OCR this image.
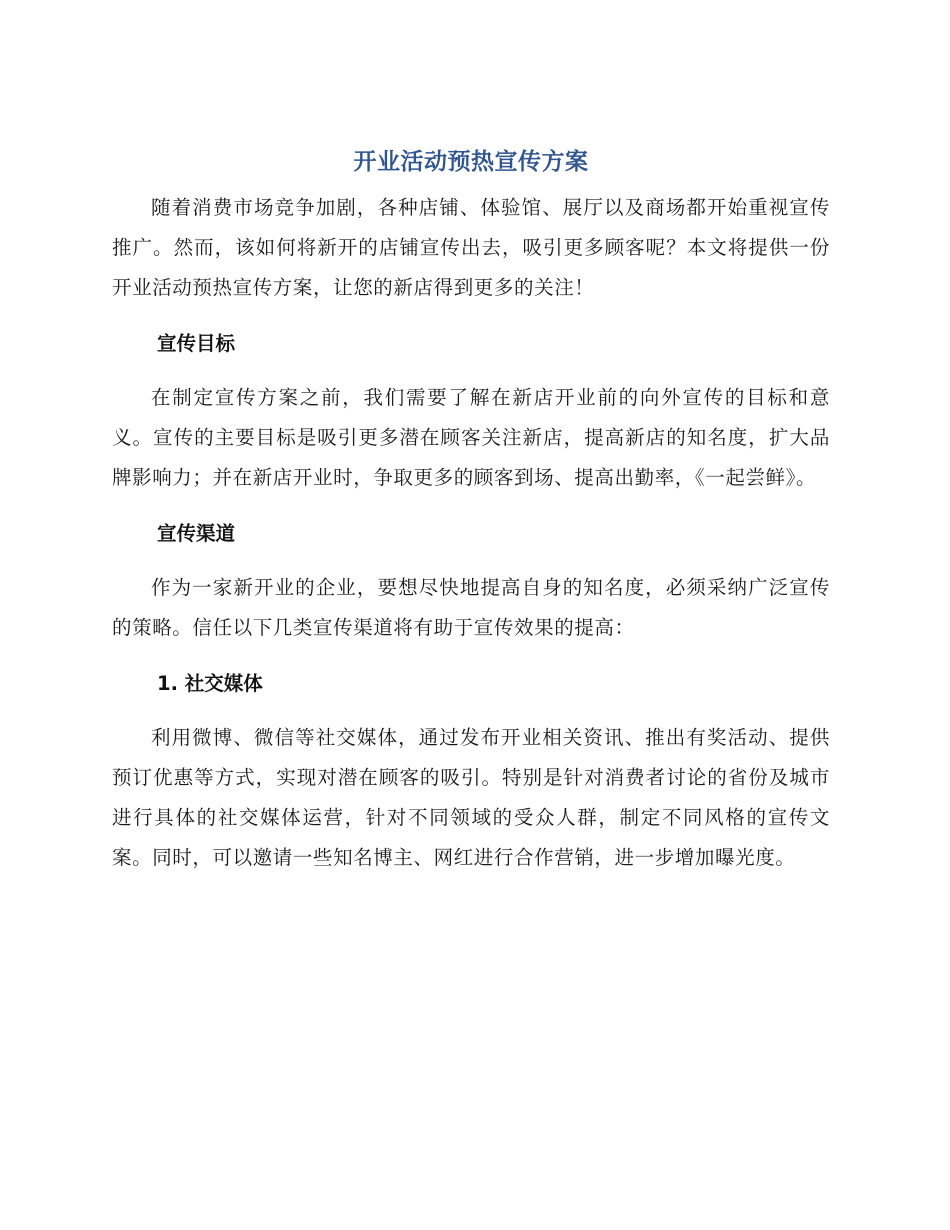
开业活动预热宣传方案

随着消费市场竞争加剧，各种店铺、体验馆、展厅以及商场都开始重视宣传推广。然而，该如何将新开的店铺宣传出去，吸引更多顾客呢？本文将提供一份开业活动预热宣传方案，让您的新店得到更多的关注！

宣传目标

在制定宣传方案之前，我们需要了解在新店开业前的向外宣传的目标和意义。宣传的主要目标是吸引更多潜在顾客关注新店，提高新店的知名度，扩大品牌影响力；并在新店开业时，争取更多的顾客到场、提高出勤率，《一起尝鲜》。

宣传渠道

作为一家新开业的企业，要想尽快地提高自身的知名度，必须采纳广泛宣传的策略。信任以下几类宣传渠道将有助于宣传效果的提高：

1. 社交媒体

利用微博、微信等社交媒体，通过发布开业相关资讯、推出有奖活动、提供预订优惠等方式，实现对潜在顾客的吸引。特别是针对消费者讨论的省份及城市进行具体的社交媒体运营，针对不同领域的受众人群，制定不同风格的宣传文案。同时，可以邀请一些知名博主、网红进行合作营销，进一步增加曝光度。
